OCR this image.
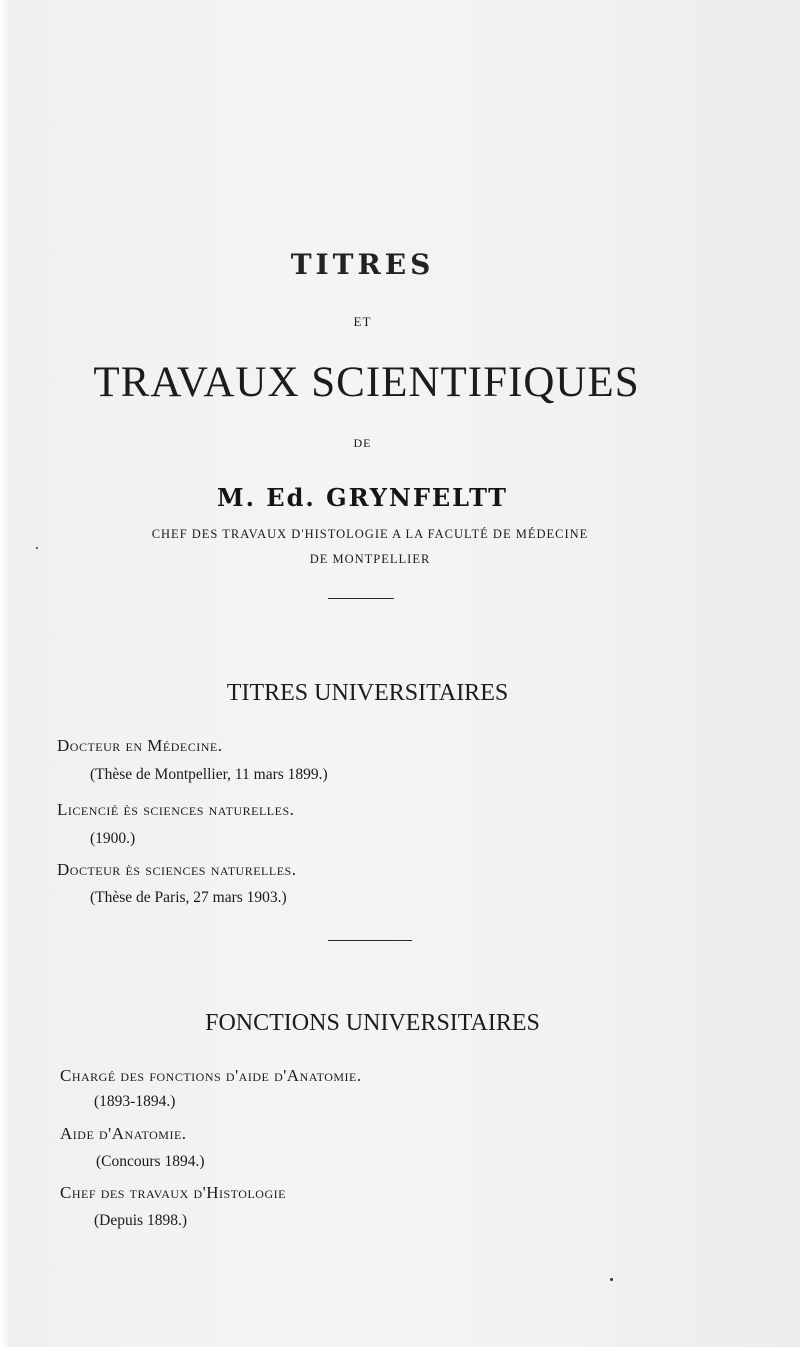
TITRES
ET
TRAVAUX SCIENTIFIQUES
DE
M. Ed. GRYNFELTT
CHEF DES TRAVAUX D'HISTOLOGIE A LA FACULTÉ DE MÉDECINE
DE MONTPELLIER
TITRES UNIVERSITAIRES
Docteur en Médecine.
(Thèse de Montpellier, 11 mars 1899.)
Licencié ès sciences naturelles.
(1900.)
Docteur ès sciences naturelles.
(Thèse de Paris, 27 mars 1903.)
FONCTIONS UNIVERSITAIRES
Chargé des fonctions d'aide d'Anatomie.
(1893-1894.)
Aide d'Anatomie.
(Concours 1894.)
Chef des travaux d'Histologie
(Depuis 1898.)
